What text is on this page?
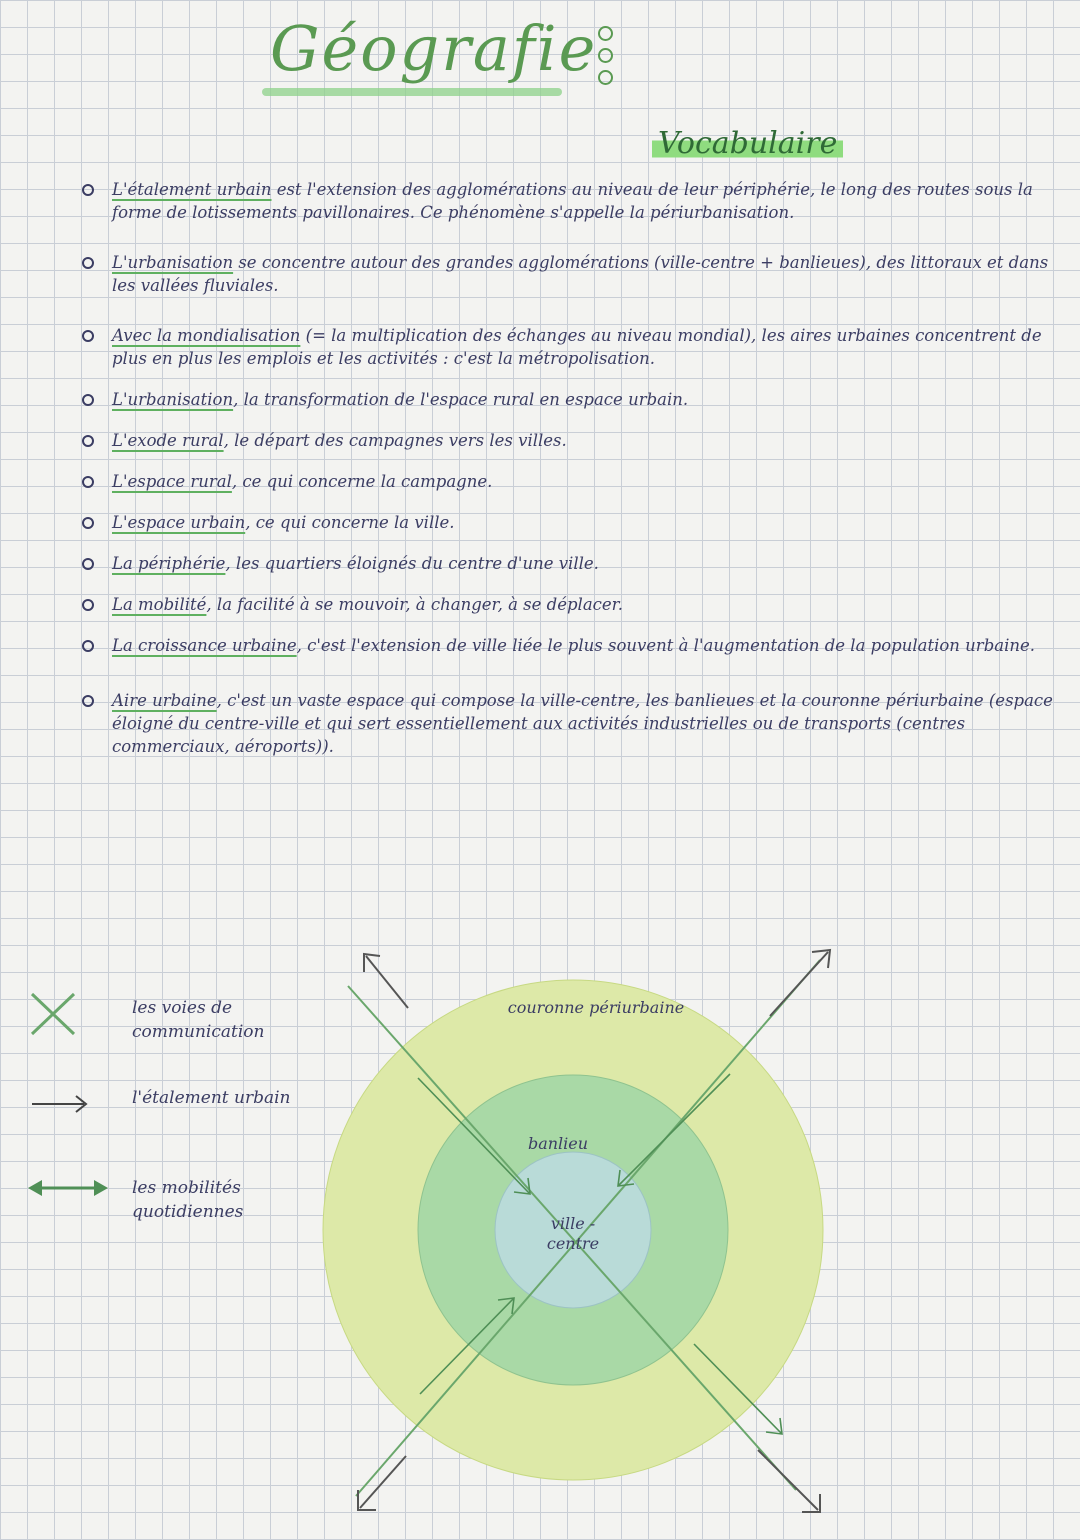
Géografie
Vocabulaire
L'étalement urbain est l'extension des agglomérations au niveau de leur périphérie, le long des routes sous la forme de lotissements pavillonaires. Ce phénomène s'appelle la périurbanisation.
L'urbanisation se concentre autour des grandes agglomérations (ville-centre + banlieues), des littoraux et dans les vallées fluviales.
Avec la mondialisation (= la multiplication des échanges au niveau mondial), les aires urbaines concentrent de plus en plus les emplois et les activités : c'est la métropolisation.
L'urbanisation, la transformation de l'espace rural en espace urbain.
L'exode rural, le départ des campagnes vers les villes.
L'espace rural, ce qui concerne la campagne.
L'espace urbain, ce qui concerne la ville.
La périphérie, les quartiers éloignés du centre d'une ville.
La mobilité, la facilité à se mouvoir, à changer, à se déplacer.
La croissance urbaine, c'est l'extension de ville liée le plus souvent à l'augmentation de la population urbaine.
Aire urbaine, c'est un vaste espace qui compose la ville-centre, les banlieues et la couronne périurbaine (espace éloigné du centre-ville et qui sert essentiellement aux activités industrielles ou de transports (centres commerciaux, aéroports)).
les voies de communication
l'étalement urbain
les mobilités quotidiennes
couronne périurbaine
banlieu
ville - centre
